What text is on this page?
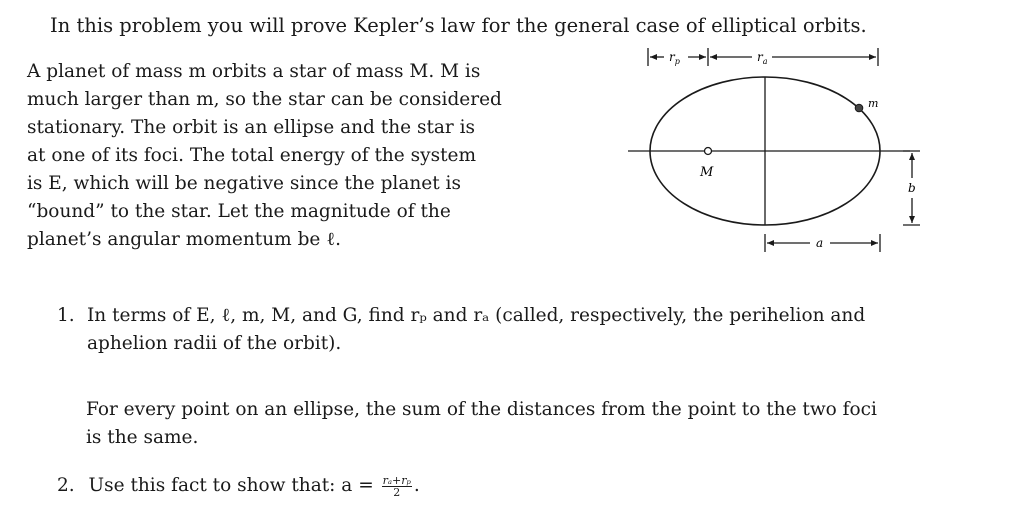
In this problem you will prove Kepler’s law for the general case of elliptical orbits.
A planet of mass m orbits a star of mass M. M is
much larger than m, so the star can be considered
stationary. The orbit is an ellipse and the star is
at one of its foci. The total energy of the system
is E, which will be negative since the planet is
“bound” to the star. Let the magnitude of the
planet’s angular momentum be ℓ.
$r_p$	$r_a$
M
m
b
a
1. In terms of E, ℓ, m, M, and G, find rₚ and rₐ (called, respectively, the perihelion and
aphelion radii of the orbit).
For every point on an ellipse, the sum of the distances from the point to the two foci
is the same.
2. Use this fact to show that: $a = \frac{\text{rₐ+rₚ}}{2}$ .
